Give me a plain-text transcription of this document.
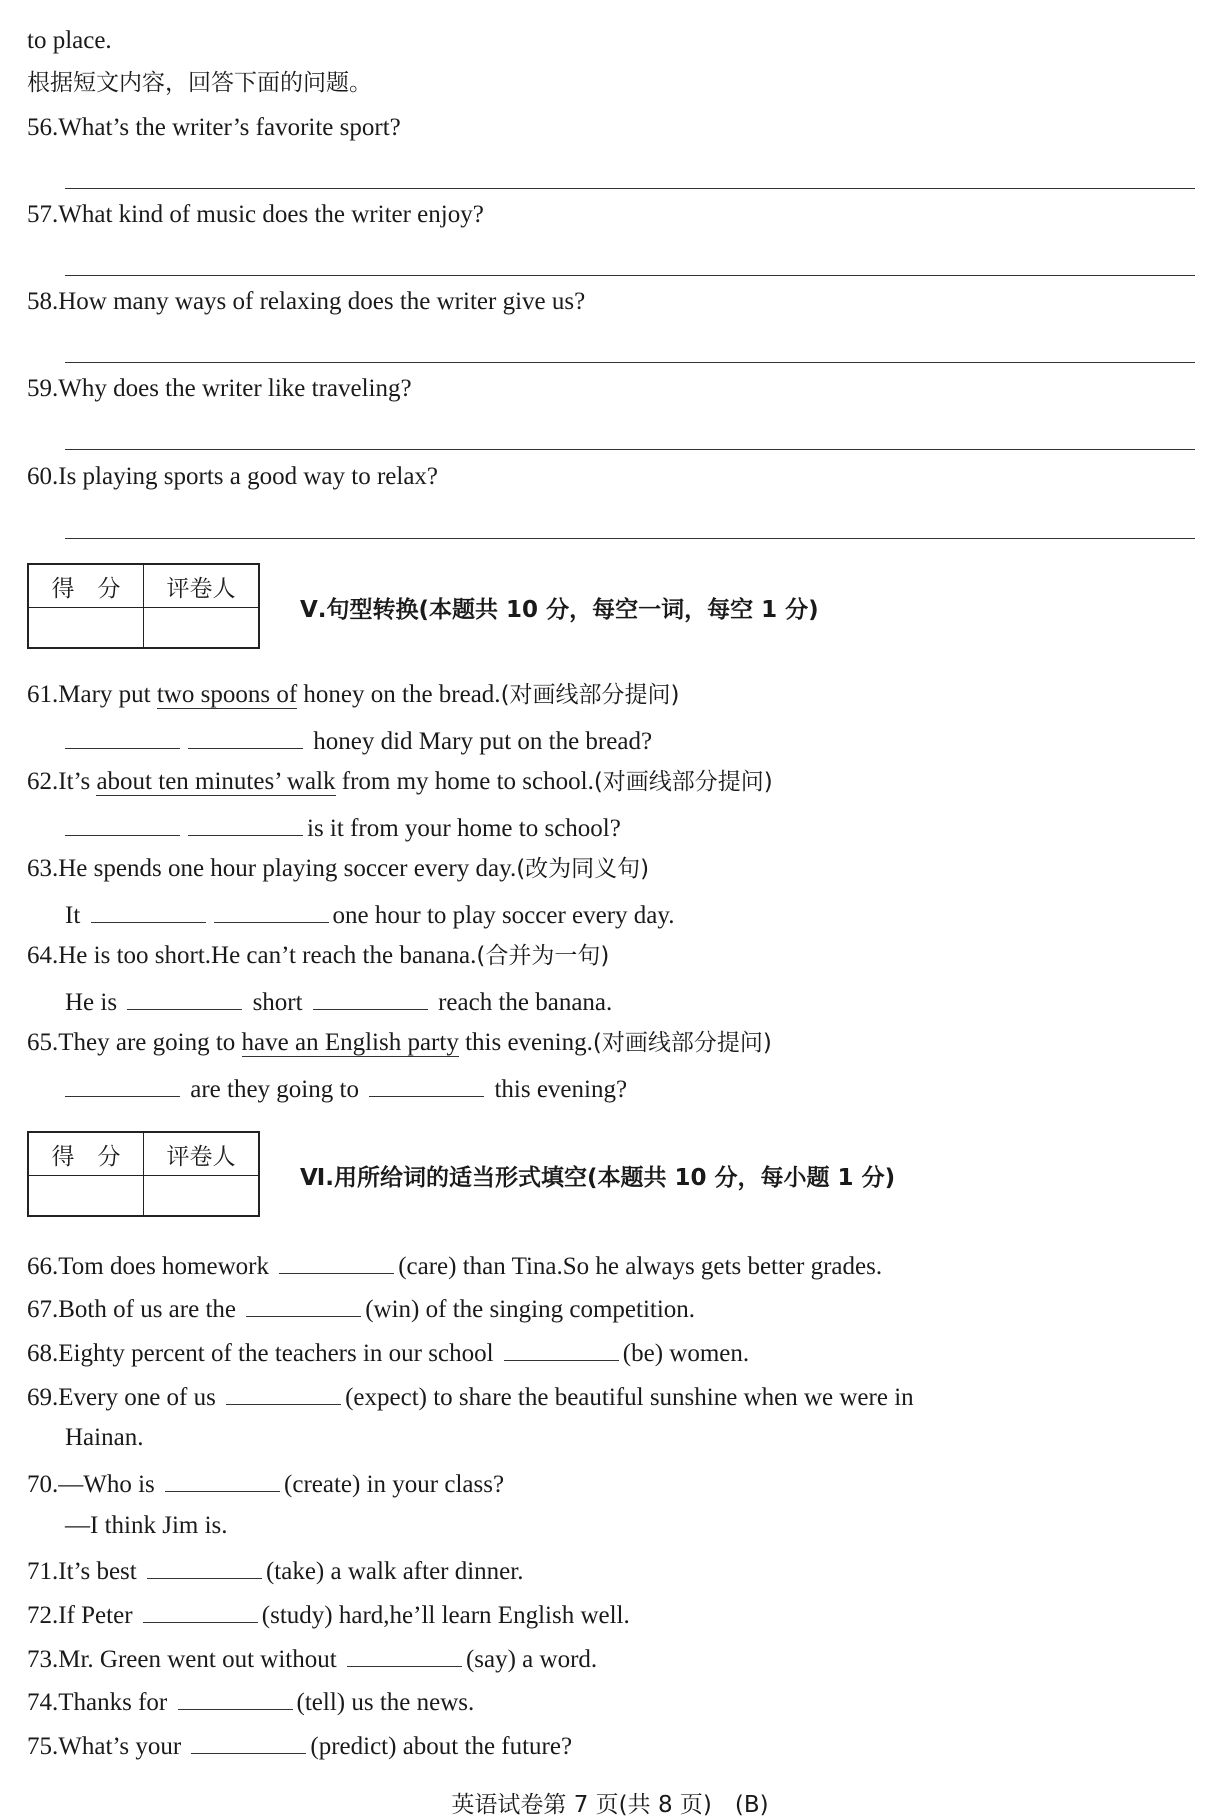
to place.
根据短文内容，回答下面的问题。
56.What’s the writer’s favorite sport?
57.What kind of music does the writer enjoy?
58.How many ways of relaxing does the writer give us?
59.Why does the writer like traveling?
60.Is playing sports a good way to relax?
得　分	评卷人
Ⅴ.句型转换(本题共 10 分，每空一词，每空 1 分)
61.Mary put two spoons of honey on the bread.(对画线部分提问)
honey did Mary put on the bread?
62.It’s about ten minutes’ walk from my home to school.(对画线部分提问)
is it from your home to school?
63.He spends one hour playing soccer every day.(改为同义句)
It	one hour to play soccer every day.
64.He is too short.He can’t reach the banana.(合并为一句)
He is	short	reach the banana.
65.They are going to have an English party this evening.(对画线部分提问)
are they going to	this evening?
得　分	评卷人
Ⅵ.用所给词的适当形式填空(本题共 10 分，每小题 1 分)
66.Tom does homework	(care) than Tina.So he always gets better grades.
67.Both of us are the	(win) of the singing competition.
68.Eighty percent of the teachers in our school	(be) women.
69.Every one of us	(expect) to share the beautiful sunshine when we were in
Hainan.
70.—Who is	(create) in your class?
—I think Jim is.
71.It’s best	(take) a walk after dinner.
72.If Peter	(study) hard,he’ll learn English well.
73.Mr. Green went out without	(say) a word.
74.Thanks for	(tell) us the news.
75.What’s your	(predict) about the future?
英语试卷第 7 页(共 8 页)　(B)
